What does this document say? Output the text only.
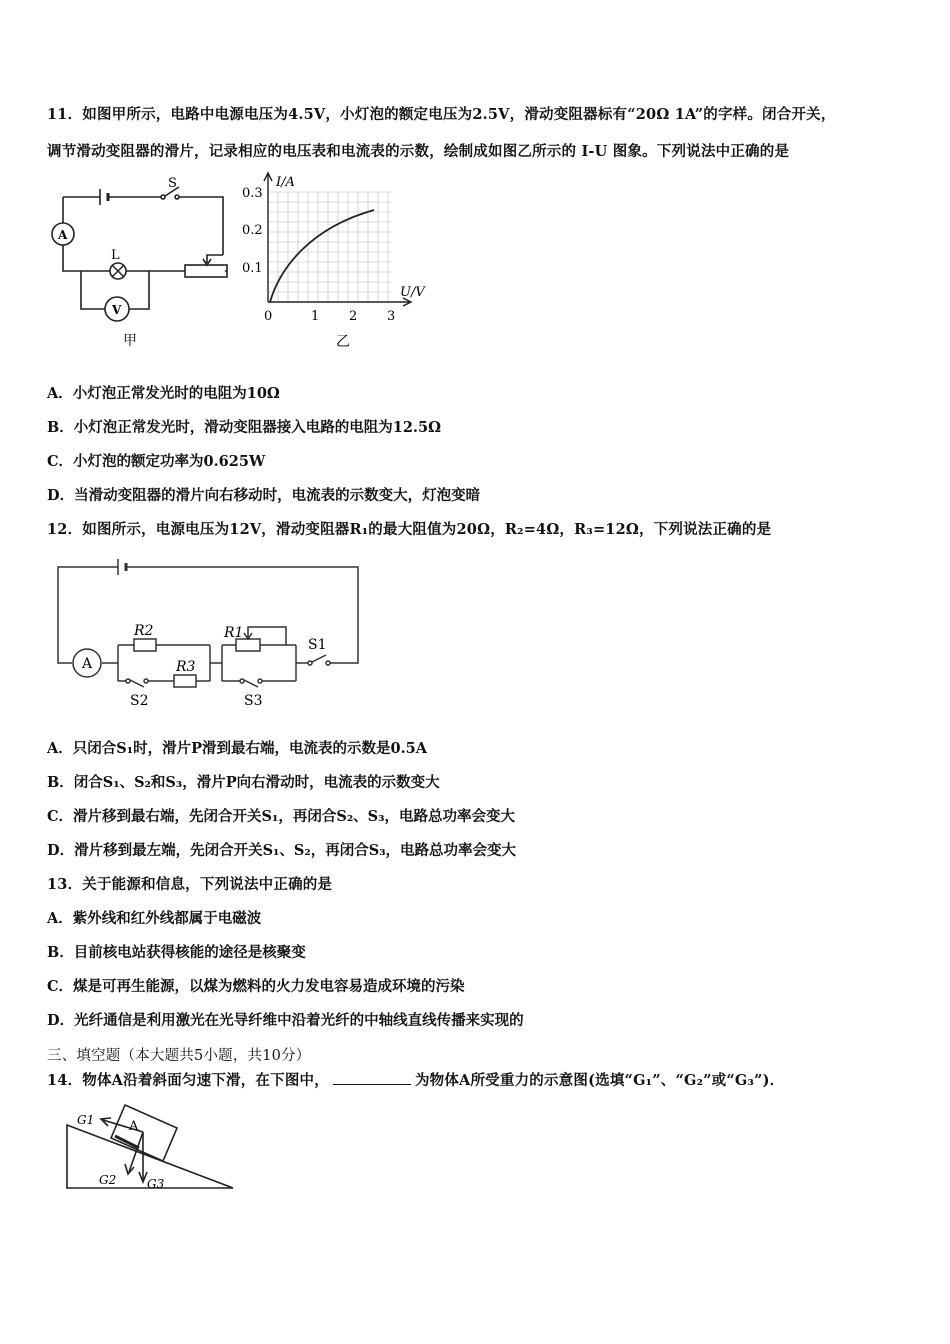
11．如图甲所示，电路中电源电压为4.5V，小灯泡的额定电压为2.5V，滑动变阻器标有“20Ω 1A”的字样。闭合开关，
调节滑动变阻器的滑片，记录相应的电压表和电流表的示数，绘制成如图乙所示的 I-U 图象。下列说法中正确的是
S
A
L
V
甲
I/A
U/V
0.3
0.2
0.1
0	1 2 3
乙
A．小灯泡正常发光时的电阻为10Ω
B．小灯泡正常发光时，滑动变阻器接入电路的电阻为12.5Ω
C．小灯泡的额定功率为0.625W
D．当滑动变阻器的滑片向右移动时，电流表的示数变大，灯泡变暗
12．如图所示，电源电压为12V，滑动变阻器R₁的最大阻值为20Ω，R₂=4Ω，R₃=12Ω，下列说法正确的是
A
R2
R3
R1
S1
S2	S3
A．只闭合S₁时，滑片P滑到最右端，电流表的示数是0.5A
B．闭合S₁、S₂和S₃，滑片P向右滑动时，电流表的示数变大
C．滑片移到最右端，先闭合开关S₁，再闭合S₂、S₃，电路总功率会变大
D．滑片移到最左端，先闭合开关S₁、S₂，再闭合S₃，电路总功率会变大
13．关于能源和信息，下列说法中正确的是
A．紫外线和红外线都属于电磁波
B．目前核电站获得核能的途径是核聚变
C．煤是可再生能源，以煤为燃料的火力发电容易造成环境的污染
D．光纤通信是利用激光在光导纤维中沿着光纤的中轴线直线传播来实现的
三、填空题（本大题共5小题，共10分）
14．物体A沿着斜面匀速下滑，在下图中，	为物体A所受重力的示意图(选填“G₁”、“G₂”或“G₃”)．
A
G1
G2	G3
